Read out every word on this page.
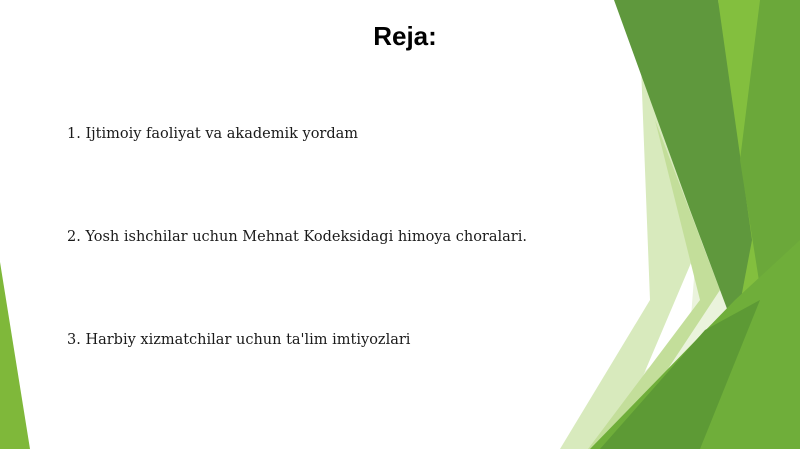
Reja:
1. Ijtimoiy faoliyat va akademik yordam
2. Yosh ishchilar uchun Mehnat Kodeksidagi himoya choralari.
3. Harbiy xizmatchilar uchun ta'lim imtiyozlari
